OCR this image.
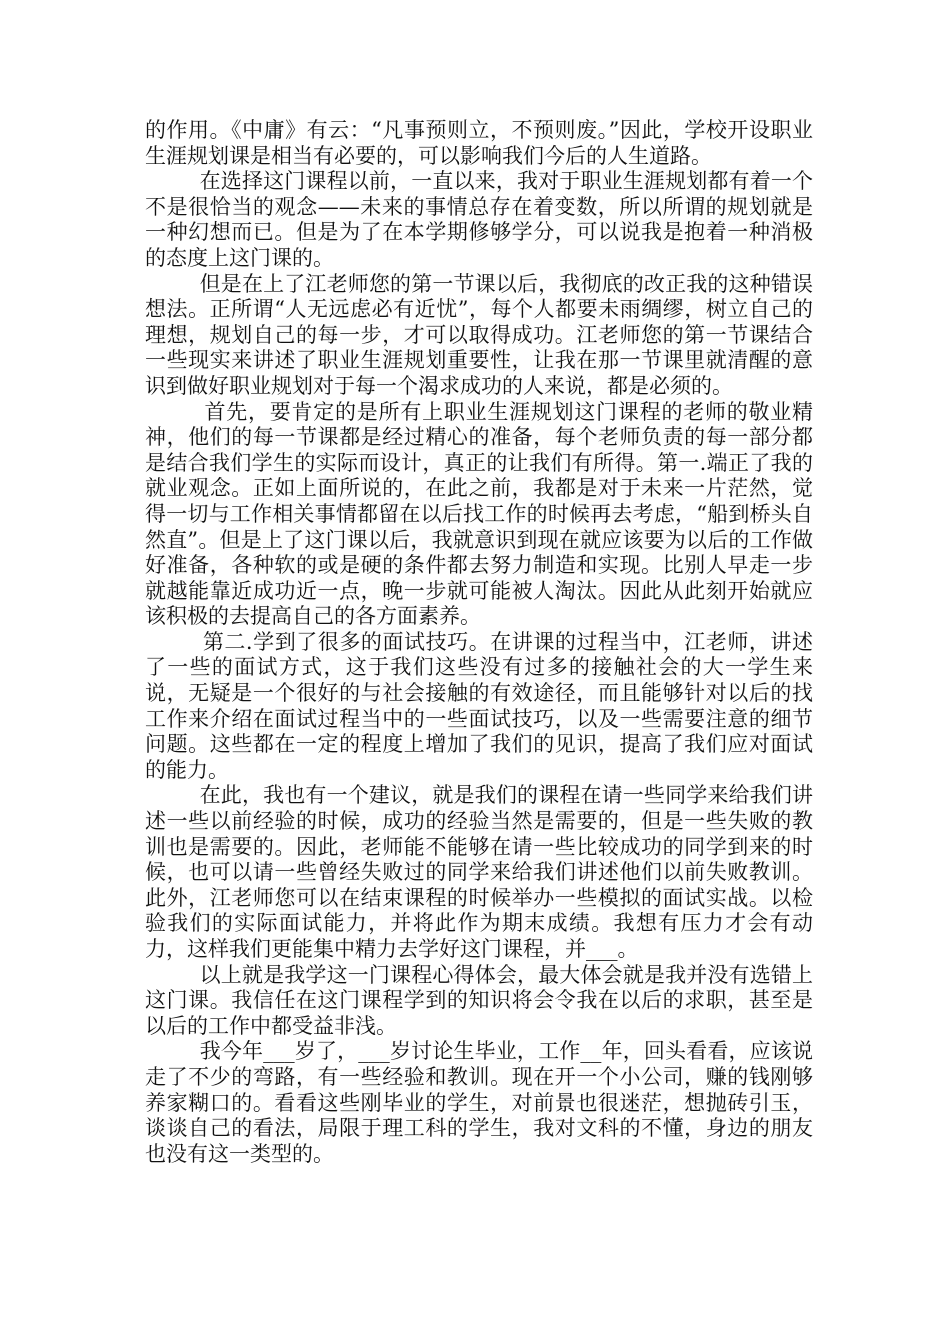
的作用。《中庸》有云：“凡事预则立，不预则废。”因此，学校开设职业生涯规划课是相当有必要的，可以影响我们今后的人生道路。

在选择这门课程以前，一直以来，我对于职业生涯规划都有着一个不是很恰当的观念——未来的事情总存在着变数，所以所谓的规划就是一种幻想而已。但是为了在本学期修够学分，可以说我是抱着一种消极的态度上这门课的。

但是在上了江老师您的第一节课以后，我彻底的改正我的这种错误想法。正所谓“人无远虑必有近忧”，每个人都要未雨绸缪，树立自己的理想，规划自己的每一步，才可以取得成功。江老师您的第一节课结合一些现实来讲述了职业生涯规划重要性，让我在那一节课里就清醒的意识到做好职业规划对于每一个渴求成功的人来说，都是必须的。

首先，要肯定的是所有上职业生涯规划这门课程的老师的敬业精神，他们的每一节课都是经过精心的准备，每个老师负责的每一部分都是结合我们学生的实际而设计，真正的让我们有所得。第一.端正了我的就业观念。正如上面所说的，在此之前，我都是对于未来一片茫然，觉得一切与工作相关事情都留在以后找工作的时候再去考虑，“船到桥头自然直”。但是上了这门课以后，我就意识到现在就应该要为以后的工作做好准备，各种软的或是硬的条件都去努力制造和实现。比别人早走一步就越能靠近成功近一点，晚一步就可能被人淘汰。因此从此刻开始就应该积极的去提高自己的各方面素养。

第二.学到了很多的面试技巧。在讲课的过程当中，江老师，讲述了一些的面试方式，这于我们这些没有过多的接触社会的大一学生来说，无疑是一个很好的与社会接触的有效途径，而且能够针对以后的找工作来介绍在面试过程当中的一些面试技巧，以及一些需要注意的细节问题。这些都在一定的程度上增加了我们的见识，提高了我们应对面试的能力。

在此，我也有一个建议，就是我们的课程在请一些同学来给我们讲述一些以前经验的时候，成功的经验当然是需要的，但是一些失败的教训也是需要的。因此，老师能不能够在请一些比较成功的同学到来的时候，也可以请一些曾经失败过的同学来给我们讲述他们以前失败教训。此外，江老师您可以在结束课程的时候举办一些模拟的面试实战。以检验我们的实际面试能力，并将此作为期末成绩。我想有压力才会有动力，这样我们更能集中精力去学好这门课程，并___。

以上就是我学这一门课程心得体会，最大体会就是我并没有选错上这门课。我信任在这门课程学到的知识将会令我在以后的求职，甚至是以后的工作中都受益非浅。

我今年___岁了，___岁讨论生毕业，工作__年，回头看看，应该说走了不少的弯路，有一些经验和教训。现在开一个小公司，赚的钱刚够养家糊口的。看看这些刚毕业的学生，对前景也很迷茫，想抛砖引玉，谈谈自己的看法，局限于理工科的学生，我对文科的不懂，身边的朋友也没有这一类型的。
